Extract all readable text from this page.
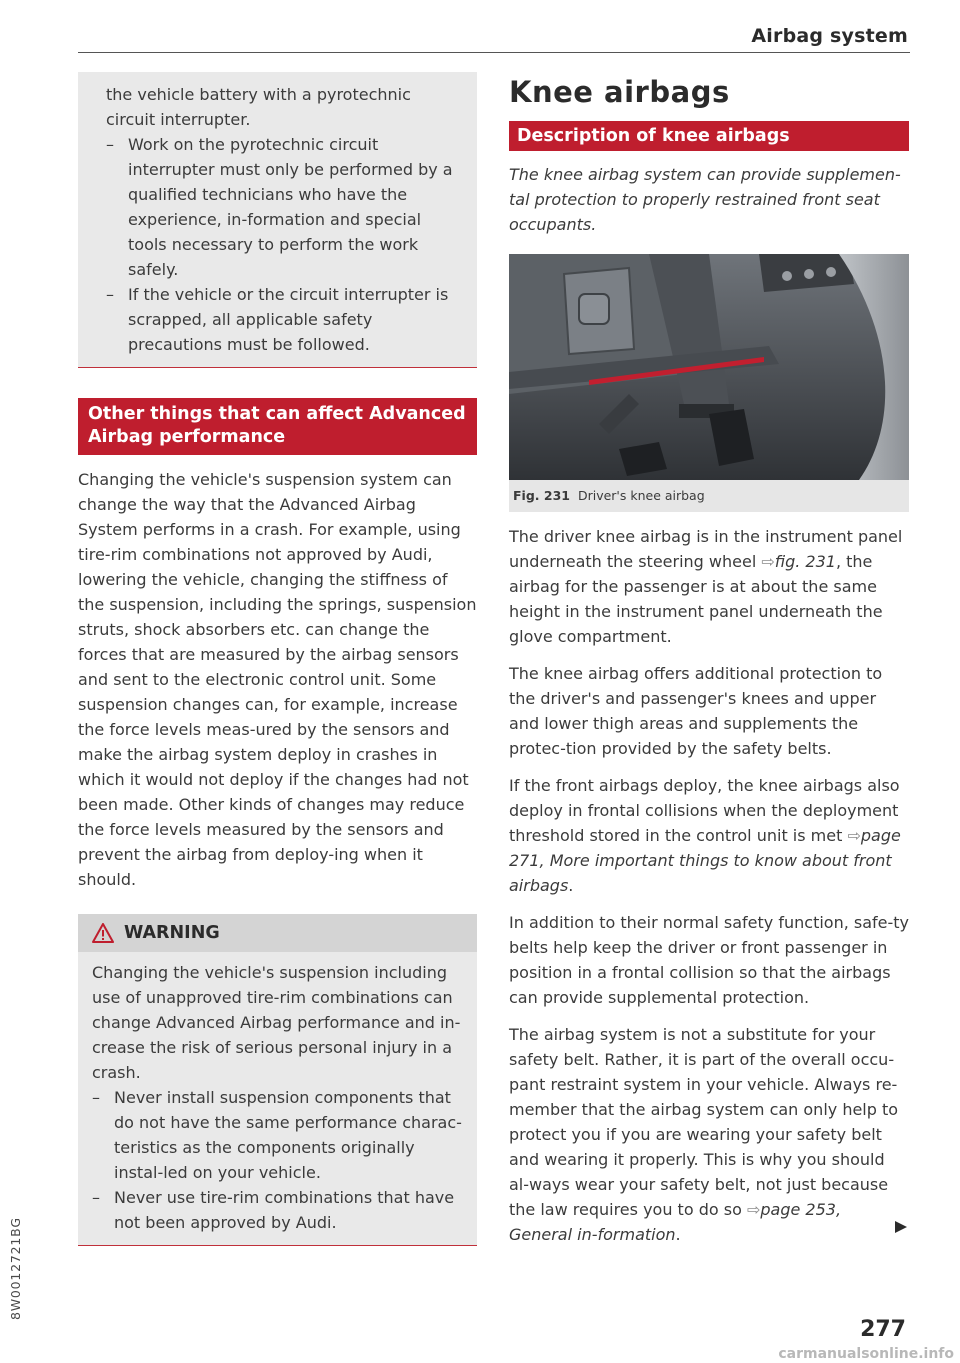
Airbag system

the vehicle battery with a pyrotechnic circuit interrupter.

– Work on the pyrotechnic circuit interrupter must only be performed by a qualified technicians who have the experience, in-formation and special tools necessary to perform the work safely.
– If the vehicle or the circuit interrupter is scrapped, all applicable safety precautions must be followed.
Other things that can affect Advanced Airbag performance

Changing the vehicle's suspension system can change the way that the Advanced Airbag System performs in a crash. For example, using tire-rim combinations not approved by Audi, lowering the vehicle, changing the stiffness of the suspension, including the springs, suspension struts, shock absorbers etc. can change the forces that are measured by the airbag sensors and sent to the electronic control unit. Some suspension changes can, for example, increase the force levels meas-ured by the sensors and make the airbag system deploy in crashes in which it would not deploy if the changes had not been made. Other kinds of changes may reduce the force levels measured by the sensors and prevent the airbag from deploy-ing when it should.

WARNING

Changing the vehicle's suspension including use of unapproved tire-rim combinations can change Advanced Airbag performance and in-crease the risk of serious personal injury in a crash.

– Never install suspension components that do not have the same performance charac-teristics as the components originally instal-led on your vehicle.
– Never use tire-rim combinations that have not been approved by Audi.
Knee airbags
Description of knee airbags

The knee airbag system can provide supplemen-tal protection to properly restrained front seat occupants.

Fig. 231 Driver's knee airbag

The driver knee airbag is in the instrument panel underneath the steering wheel ⇨fig. 231, the airbag for the passenger is at about the same height in the instrument panel underneath the glove compartment.

The knee airbag offers additional protection to the driver's and passenger's knees and upper and lower thigh areas and supplements the protec-tion provided by the safety belts.

If the front airbags deploy, the knee airbags also deploy in frontal collisions when the deployment threshold stored in the control unit is met ⇨page 271, More important things to know about front airbags.

In addition to their normal safety function, safe-ty belts help keep the driver or front passenger in position in a frontal collision so that the airbags can provide supplemental protection.

The airbag system is not a substitute for your safety belt. Rather, it is part of the overall occu-pant restraint system in your vehicle. Always re-member that the airbag system can only help to protect you if you are wearing your safety belt and wearing it properly. This is why you should al-ways wear your safety belt, not just because the law requires you to do so ⇨page 253, General in-formation.

277
8W0012721BG
carmanualsonline.info
